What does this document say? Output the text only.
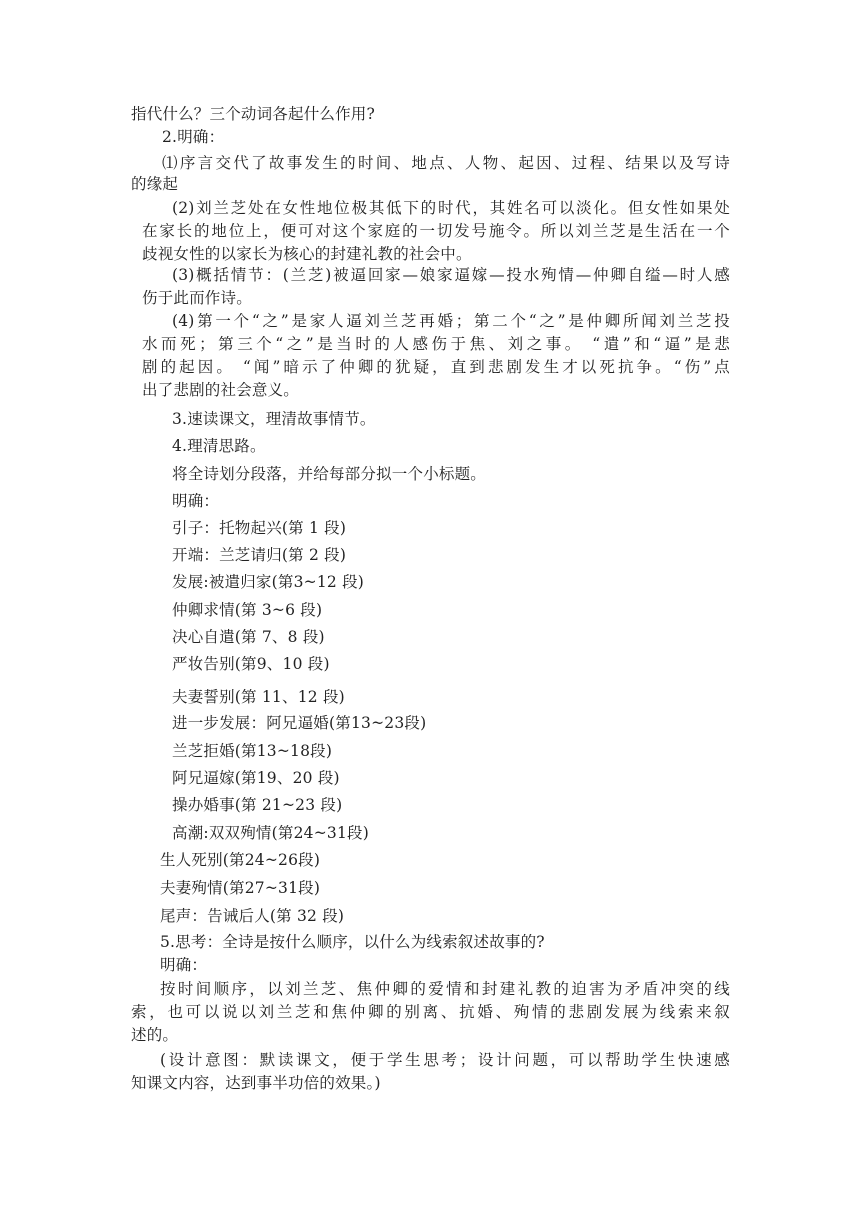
指代什么？三个动词各起什么作用?
2.明确：
⑴序言交代了故事发生的时间、地点、人物、起因、过程、结果以及写诗
的缘起
(2)刘兰芝处在女性地位极其低下的时代，其姓名可以淡化。但女性如果处
在家长的地位上，便可对这个家庭的一切发号施令。所以刘兰芝是生活在一个
歧视女性的以家长为核心的封建礼教的社会中。
(3)概括情节：(兰芝)被逼回家—娘家逼嫁—投水殉情—仲卿自缢—时人感
伤于此而作诗。
(4)第一个“之”是家人逼刘兰芝再婚；第二个“之”是仲卿所闻刘兰芝投
水而死；第三个“之”是当时的人感伤于焦、刘之事。 “遣”和“逼”是悲
剧的起因。 “闻”暗示了仲卿的犹疑，直到悲剧发生才以死抗争。“伤”点
出了悲剧的社会意义。
3.速读课文，理清故事情节。
4.理清思路。
将全诗划分段落，并给每部分拟一个小标题。
明确：
引子：托物起兴(第 1 段)
开端：兰芝请归(第 2 段)
发展:被遣归家(第3~12 段)
仲卿求情(第 3~6 段)
决心自遣(第 7、8 段)
严妆告别(第9、10 段)
夫妻誓别(第 11、12 段)
进一步发展：阿兄逼婚(第13~23段)
兰芝拒婚(第13~18段)
阿兄逼嫁(第19、20 段)
操办婚事(第 21~23 段)
高潮:双双殉情(第24~31段)
生人死别(第24~26段)
夫妻殉情(第27~31段)
尾声：告诫后人(第 32 段)
5.思考：全诗是按什么顺序，以什么为线索叙述故事的?
明确：
按时间顺序，以刘兰芝、焦仲卿的爱情和封建礼教的迫害为矛盾冲突的线
索，也可以说以刘兰芝和焦仲卿的别离、抗婚、殉情的悲剧发展为线索来叙
述的。
(设计意图：默读课文，便于学生思考；设计问题，可以帮助学生快速感
知课文内容，达到事半功倍的效果。)
